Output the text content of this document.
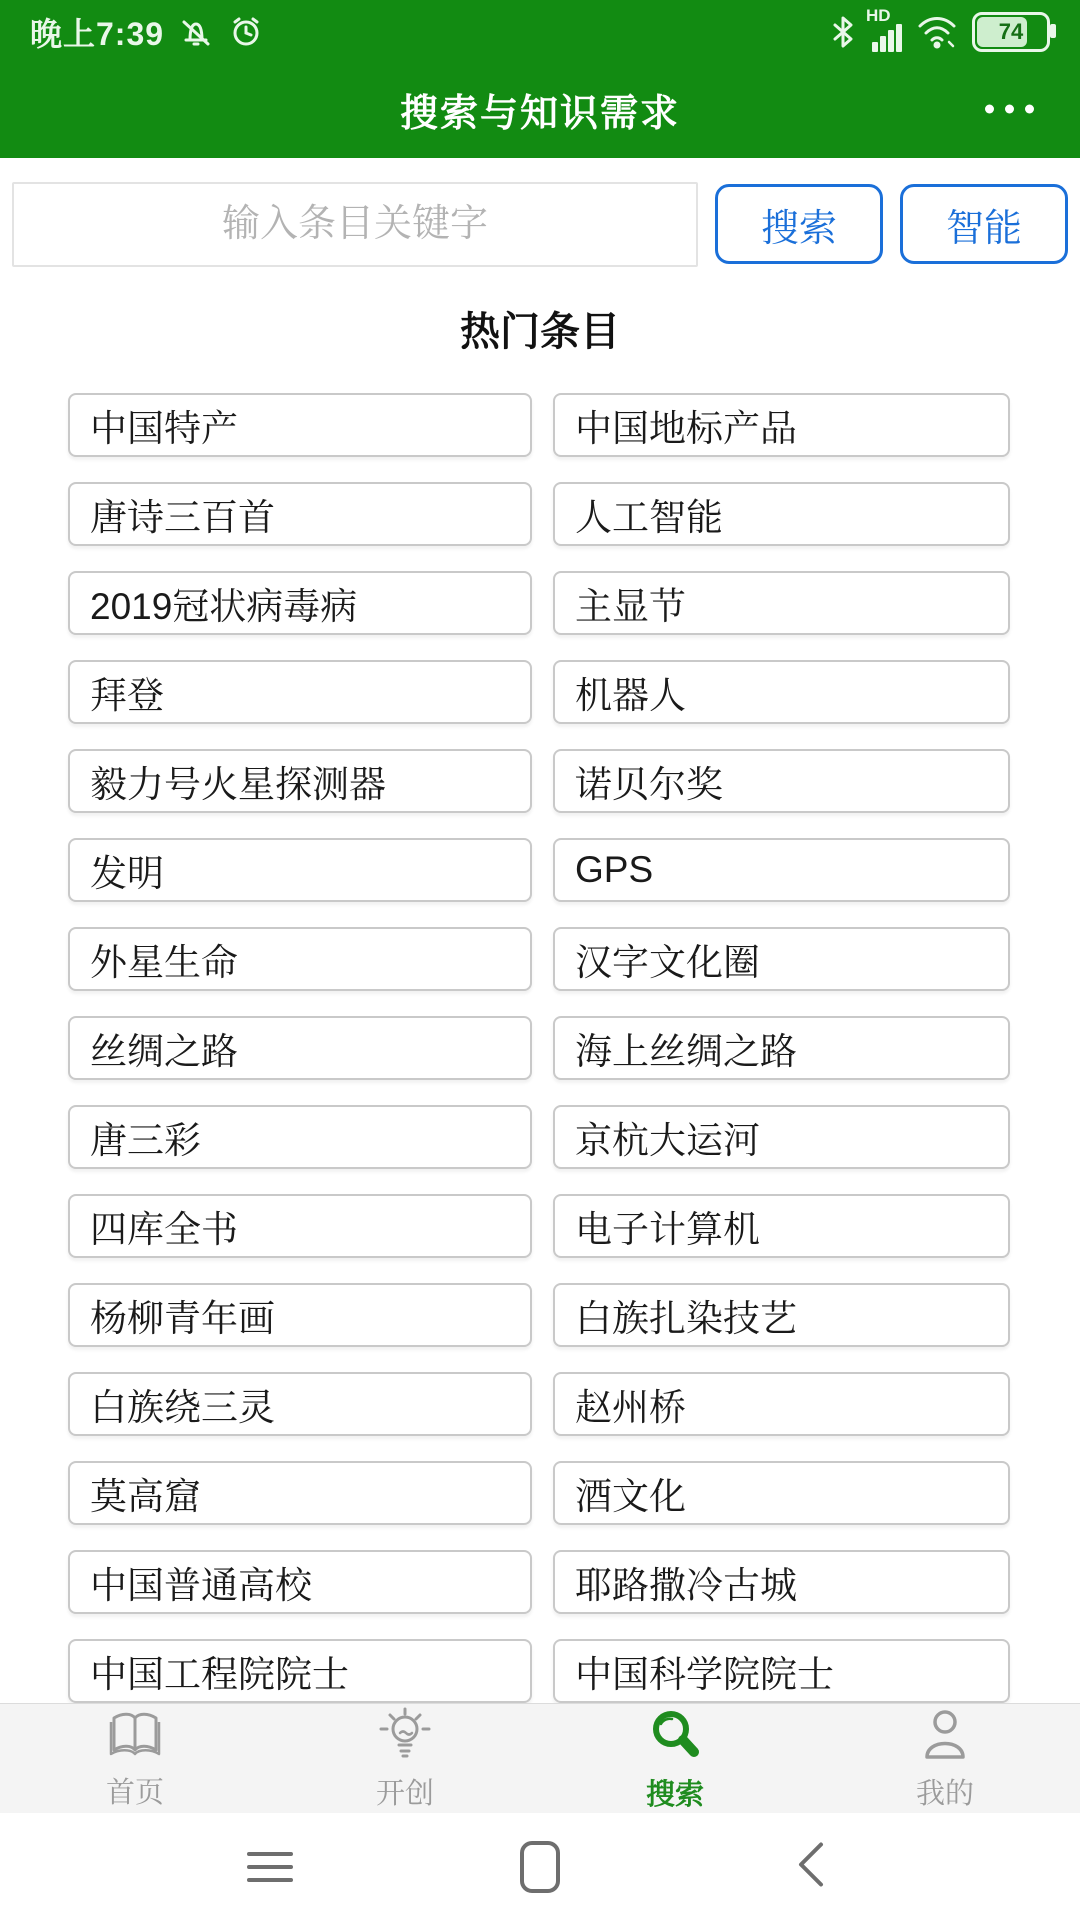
晚上7:39
HD
74
搜索与知识需求
输入条目关键字
搜索	智能
热门条目
中国特产	中国地标产品
唐诗三百首	人工智能
2019冠状病毒病	主显节
拜登	机器人
毅力号火星探测器	诺贝尔奖
发明	GPS
外星生命	汉字文化圈
丝绸之路	海上丝绸之路
唐三彩	京杭大运河
四库全书	电子计算机
杨柳青年画	白族扎染技艺
白族绕三灵	赵州桥
莫高窟	酒文化
中国普通高校	耶路撒冷古城
中国工程院院士	中国科学院院士
首页	开创	搜索	我的
